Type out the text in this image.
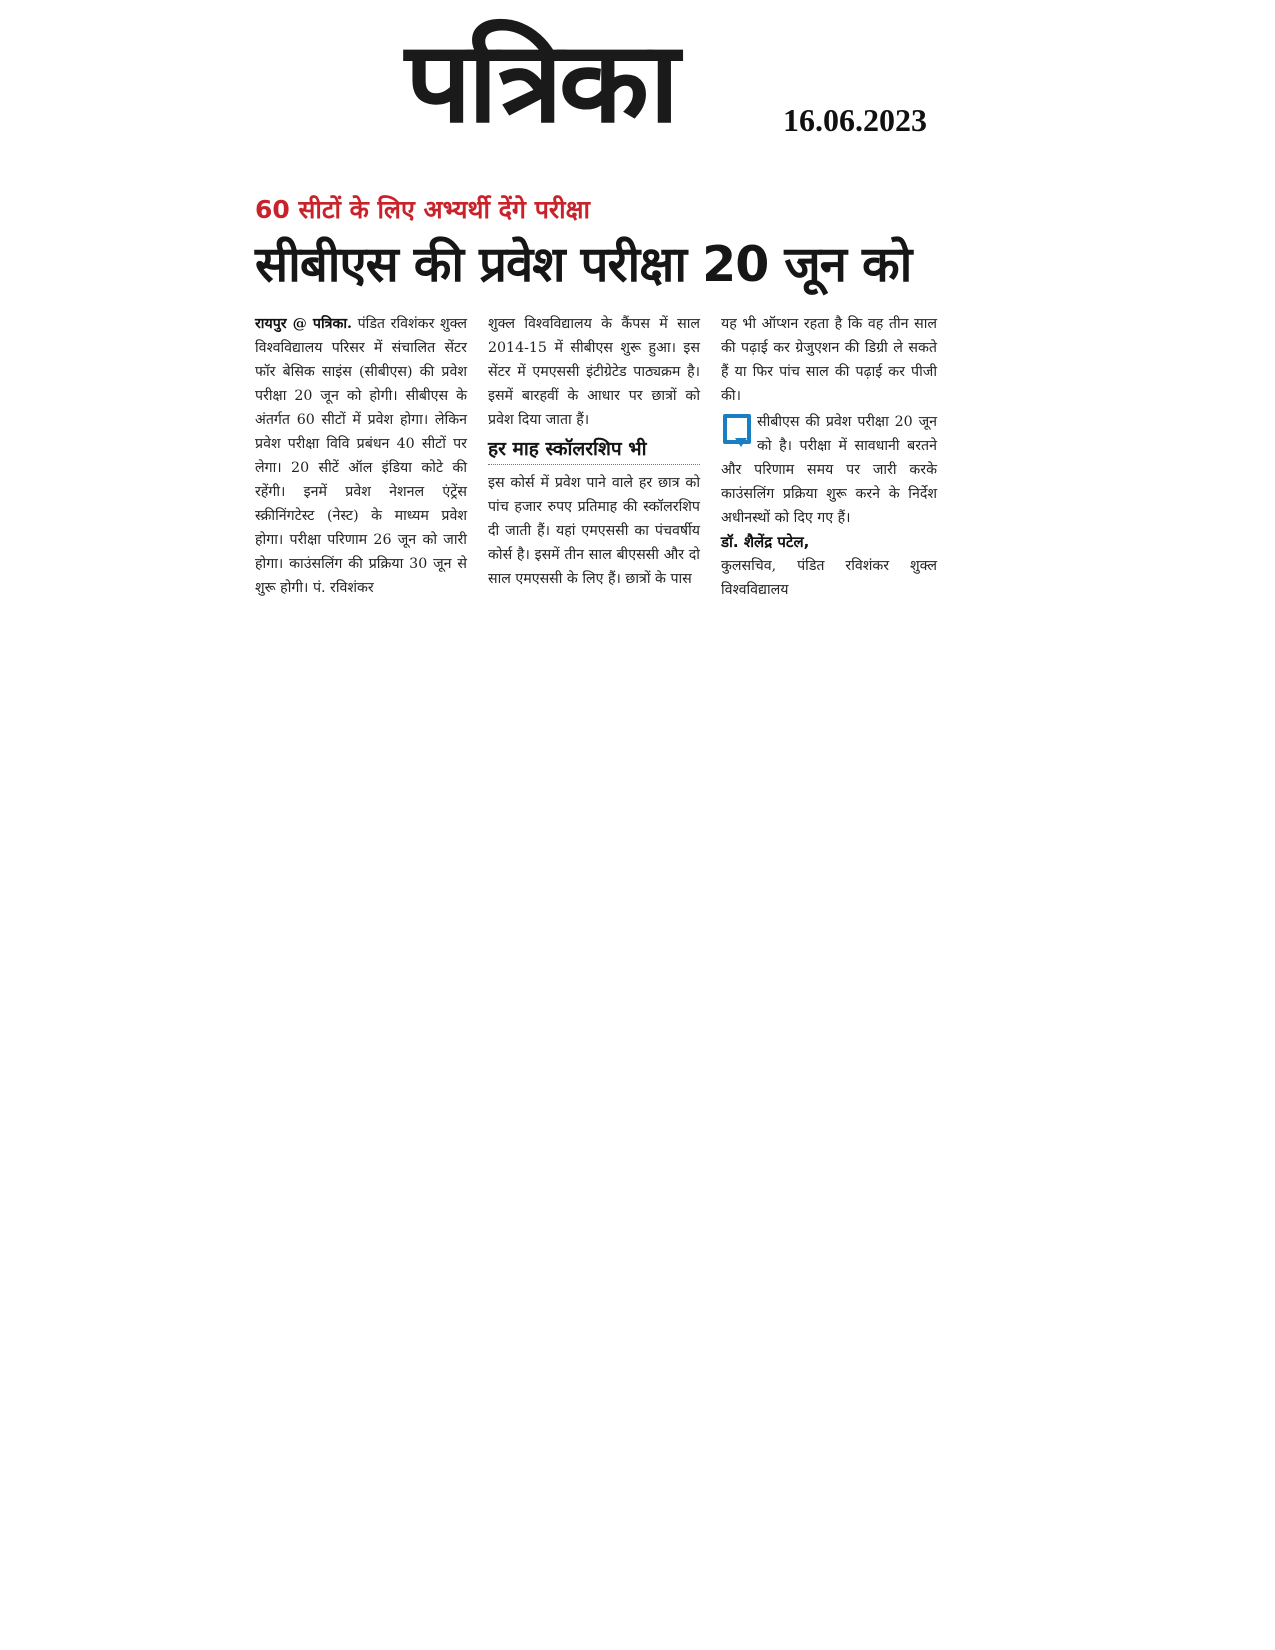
पत्रिका	16.06.2023
60 सीटों के लिए अभ्यर्थी देंगे परीक्षा
सीबीएस की प्रवेश परीक्षा 20 जून को
रायपुर @ पत्रिका. पंडित रविशंकर शुक्ल विश्वविद्यालय परिसर में संचालित सेंटर फॉर बेसिक साइंस (सीबीएस) की प्रवेश परीक्षा 20 जून को होगी। सीबीएस के अंतर्गत 60 सीटों में प्रवेश होगा। लेकिन प्रवेश परीक्षा विवि प्रबंधन 40 सीटों पर लेगा। 20 सीटें ऑल इंडिया कोटे की रहेंगी। इनमें प्रवेश नेशनल एंट्रेंस स्क्रीनिंगटेस्ट (नेस्ट) के माध्यम प्रवेश होगा। परीक्षा परिणाम 26 जून को जारी होगा। काउंसलिंग की प्रक्रिया 30 जून से शुरू होगी। पं. रविशंकर
शुक्ल विश्वविद्यालय के कैंपस में साल 2014-15 में सीबीएस शुरू हुआ। इस सेंटर में एमएससी इंटीग्रेटेड पाठ्यक्रम है। इसमें बारहवीं के आधार पर छात्रों को प्रवेश दिया जाता हैं।
हर माह स्कॉलरशिप भी
इस कोर्स में प्रवेश पाने वाले हर छात्र को पांच हजार रुपए प्रतिमाह की स्कॉलरशिप दी जाती हैं। यहां एमएससी का पंचवर्षीय कोर्स है। इसमें तीन साल बीएससी और दो साल एमएससी के लिए हैं। छात्रों के पास
यह भी ऑप्शन रहता है कि वह तीन साल की पढ़ाई कर ग्रेजुएशन की डिग्री ले सकते हैं या फिर पांच साल की पढ़ाई कर पीजी की।
सीबीएस की प्रवेश परीक्षा 20 जून को है। परीक्षा में सावधानी बरतने और परिणाम समय पर जारी करके काउंसलिंग प्रक्रिया शुरू करने के निर्देश अधीनस्थों को दिए गए हैं।
डॉ. शैलेंद्र पटेल,
कुलसचिव, पंडित रविशंकर शुक्ल विश्वविद्यालय
